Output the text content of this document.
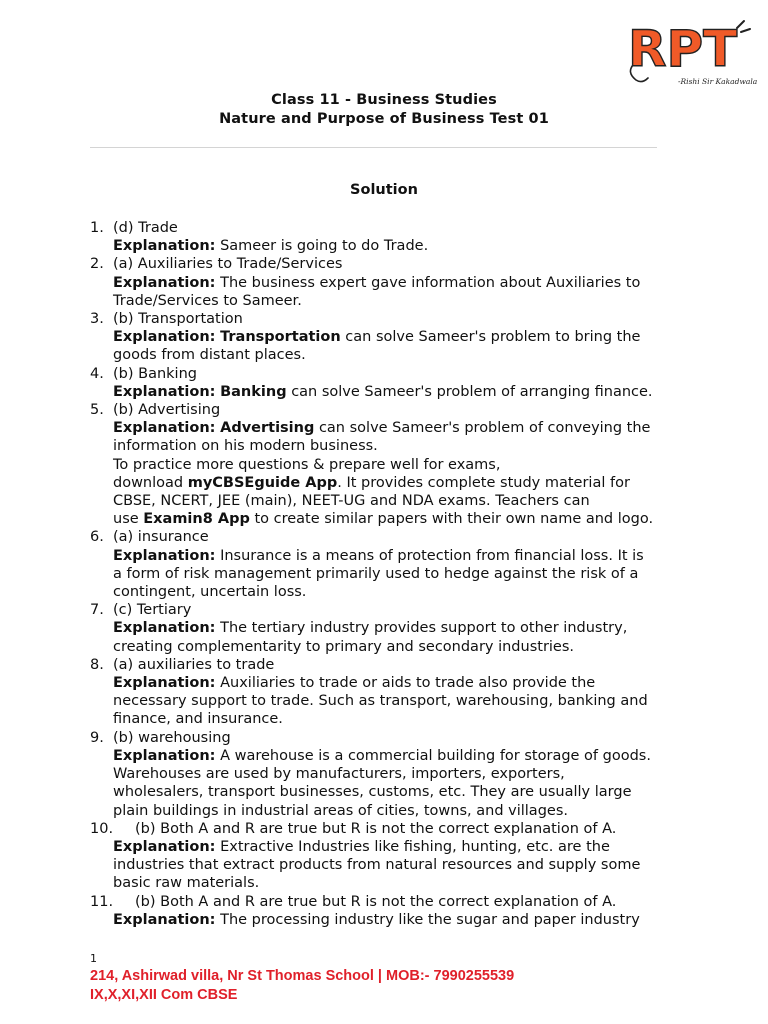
RPT
-Rishi Sir Kakadwala
Class 11 - Business Studies
Nature and Purpose of Business Test 01
Solution
1. (d) Trade
Explanation: Sameer is going to do Trade.
2. (a) Auxiliaries to Trade/Services
Explanation: The business expert gave information about Auxiliaries to
Trade/Services to Sameer.
3. (b) Transportation
Explanation: Transportation can solve Sameer's problem to bring the
goods from distant places.
4. (b) Banking
Explanation: Banking can solve Sameer's problem of arranging finance.
5. (b) Advertising
Explanation: Advertising can solve Sameer's problem of conveying the
information on his modern business.
To practice more questions & prepare well for exams,
download myCBSEguide App. It provides complete study material for
CBSE, NCERT, JEE (main), NEET-UG and NDA exams. Teachers can
use Examin8 App to create similar papers with their own name and logo.
6. (a) insurance
Explanation: Insurance is a means of protection from financial loss. It is
a form of risk management primarily used to hedge against the risk of a
contingent, uncertain loss.
7. (c) Tertiary
Explanation: The tertiary industry provides support to other industry,
creating complementarity to primary and secondary industries.
8. (a) auxiliaries to trade
Explanation: Auxiliaries to trade or aids to trade also provide the
necessary support to trade. Such as transport, warehousing, banking and
finance, and insurance.
9. (b) warehousing
Explanation: A warehouse is a commercial building for storage of goods.
Warehouses are used by manufacturers, importers, exporters,
wholesalers, transport businesses, customs, etc. They are usually large
plain buildings in industrial areas of cities, towns, and villages.
10.	(b) Both A and R are true but R is not the correct explanation of A.
Explanation: Extractive Industries like fishing, hunting, etc. are the
industries that extract products from natural resources and supply some
basic raw materials.
11.	(b) Both A and R are true but R is not the correct explanation of A.
Explanation: The processing industry like the sugar and paper industry
1
214, Ashirwad villa, Nr St Thomas School | MOB:- 7990255539
IX,X,XI,XII Com CBSE
